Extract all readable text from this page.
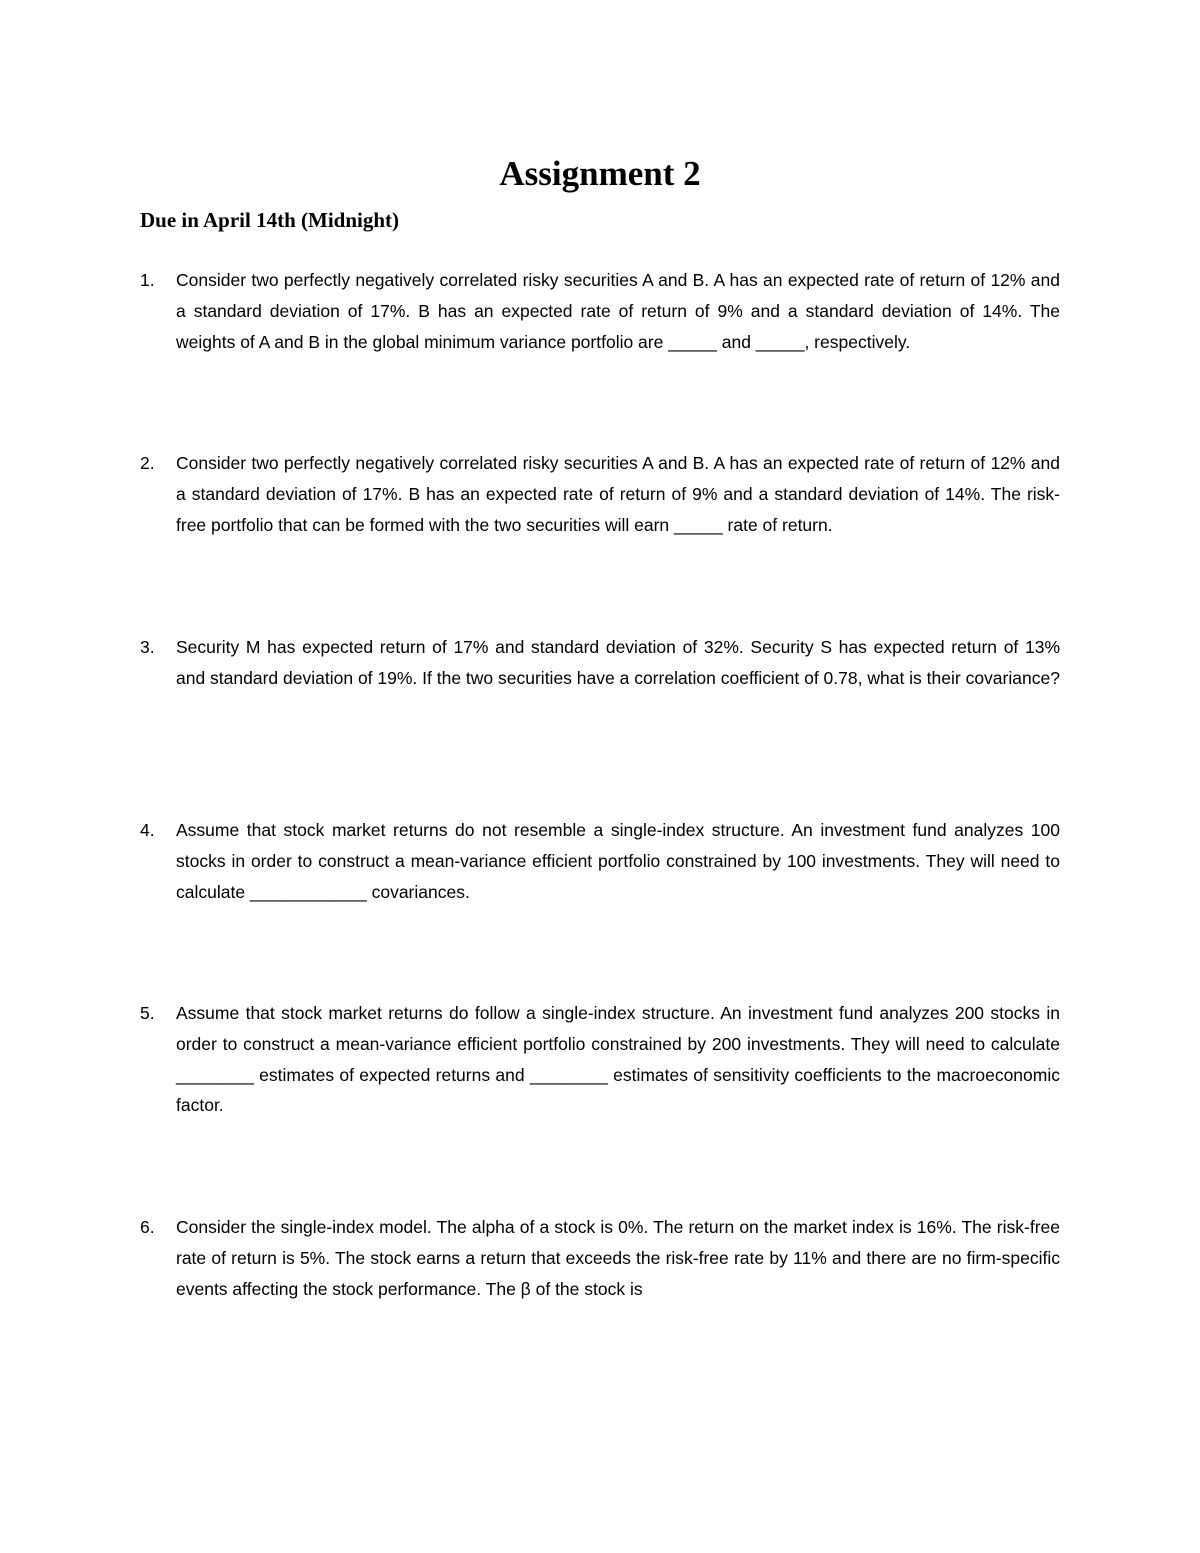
Assignment 2
Due in April 14th (Midnight)
1.	Consider two perfectly negatively correlated risky securities A and B. A has an expected rate of return of 12% and a standard deviation of 17%. B has an expected rate of return of 9% and a standard deviation of 14%. The weights of A and B in the global minimum variance portfolio are _____ and _____, respectively.
2.	Consider two perfectly negatively correlated risky securities A and B. A has an expected rate of return of 12% and a standard deviation of 17%. B has an expected rate of return of 9% and a standard deviation of 14%. The risk-free portfolio that can be formed with the two securities will earn _____ rate of return.
3.	Security M has expected return of 17% and standard deviation of 32%. Security S has expected return of 13% and standard deviation of 19%. If the two securities have a correlation coefficient of 0.78, what is their covariance?
4.	Assume that stock market returns do not resemble a single-index structure. An investment fund analyzes 100 stocks in order to construct a mean-variance efficient portfolio constrained by 100 investments. They will need to calculate ____________ covariances.
5.	Assume that stock market returns do follow a single-index structure. An investment fund analyzes 200 stocks in order to construct a mean-variance efficient portfolio constrained by 200 investments. They will need to calculate ________ estimates of expected returns and ________ estimates of sensitivity coefficients to the macroeconomic factor.
6.	Consider the single-index model. The alpha of a stock is 0%. The return on the market index is 16%. The risk-free rate of return is 5%. The stock earns a return that exceeds the risk-free rate by 11% and there are no firm-specific events affecting the stock performance. The β of the stock is
